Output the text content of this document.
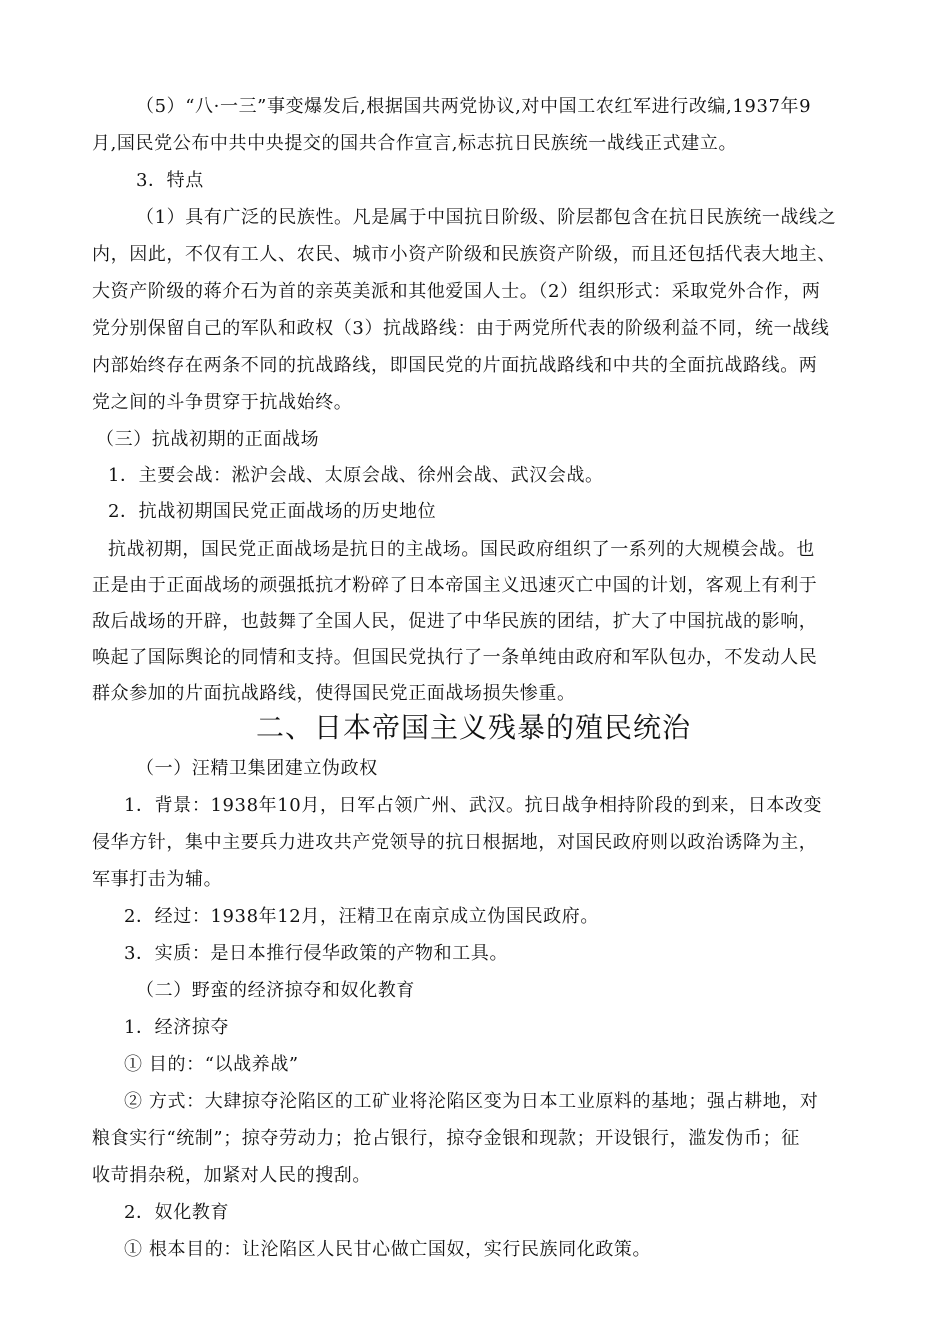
（5）“八·一三”事变爆发后,根据国共两党协议,对中国工农红军进行改编,1937年9
月,国民党公布中共中央提交的国共合作宣言,标志抗日民族统一战线正式建立。
3．特点
（1）具有广泛的民族性。凡是属于中国抗日阶级、阶层都包含在抗日民族统一战线之
内，因此，不仅有工人、农民、城市小资产阶级和民族资产阶级，而且还包括代表大地主、
大资产阶级的蒋介石为首的亲英美派和其他爱国人士。（2）组织形式：采取党外合作，两
党分别保留自己的军队和政权（3）抗战路线：由于两党所代表的阶级利益不同，统一战线
内部始终存在两条不同的抗战路线，即国民党的片面抗战路线和中共的全面抗战路线。两
党之间的斗争贯穿于抗战始终。
（三）抗战初期的正面战场
1．主要会战：淞沪会战、太原会战、徐州会战、武汉会战。
2．抗战初期国民党正面战场的历史地位
抗战初期，国民党正面战场是抗日的主战场。国民政府组织了一系列的大规模会战。也
正是由于正面战场的顽强抵抗才粉碎了日本帝国主义迅速灭亡中国的计划，客观上有利于
敌后战场的开辟，也鼓舞了全国人民，促进了中华民族的团结，扩大了中国抗战的影响，
唤起了国际舆论的同情和支持。但国民党执行了一条单纯由政府和军队包办，不发动人民
群众参加的片面抗战路线，使得国民党正面战场损失惨重。
二、日本帝国主义残暴的殖民统治
（一）汪精卫集团建立伪政权
1．背景：1938年10月，日军占领广州、武汉。抗日战争相持阶段的到来，日本改变
侵华方针，集中主要兵力进攻共产党领导的抗日根据地，对国民政府则以政治诱降为主，
军事打击为辅。
2．经过：1938年12月，汪精卫在南京成立伪国民政府。
3．实质：是日本推行侵华政策的产物和工具。
（二）野蛮的经济掠夺和奴化教育
1．经济掠夺
① 目的：“以战养战”
② 方式：大肆掠夺沦陷区的工矿业将沦陷区变为日本工业原料的基地；强占耕地，对
粮食实行“统制”；掠夺劳动力；抢占银行，掠夺金银和现款；开设银行，滥发伪币；征
收苛捐杂税，加紧对人民的搜刮。
2．奴化教育
① 根本目的：让沦陷区人民甘心做亡国奴，实行民族同化政策。
